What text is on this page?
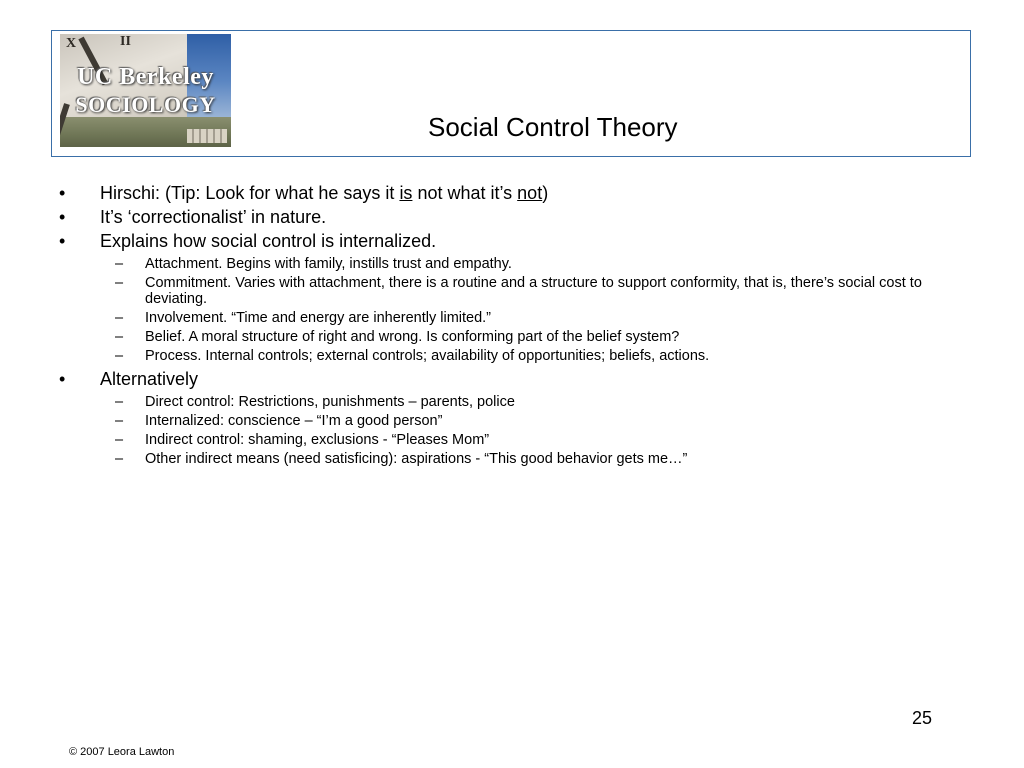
X	II
UC Berkeley
SOCIOLOGY
Social Control Theory
• Hirschi: (Tip: Look for what he says it is not what it’s not)
• It’s ‘correctionalist’ in nature.
• Explains how social control is internalized.
– Attachment. Begins with family, instills trust and empathy.
– Commitment. Varies with attachment, there is a routine and a structure to support conformity, that is, there’s social cost to deviating.
– Involvement. “Time and energy are inherently limited.”
– Belief. A moral structure of right and wrong. Is conforming part of the belief system?
– Process. Internal controls; external controls; availability of opportunities; beliefs, actions.
• Alternatively
– Direct control: Restrictions, punishments – parents, police
– Internalized: conscience – “I’m a good person”
– Indirect control: shaming, exclusions - “Pleases Mom”
– Other indirect means (need satisficing): aspirations - “This good behavior gets me…”
25
© 2007 Leora Lawton
